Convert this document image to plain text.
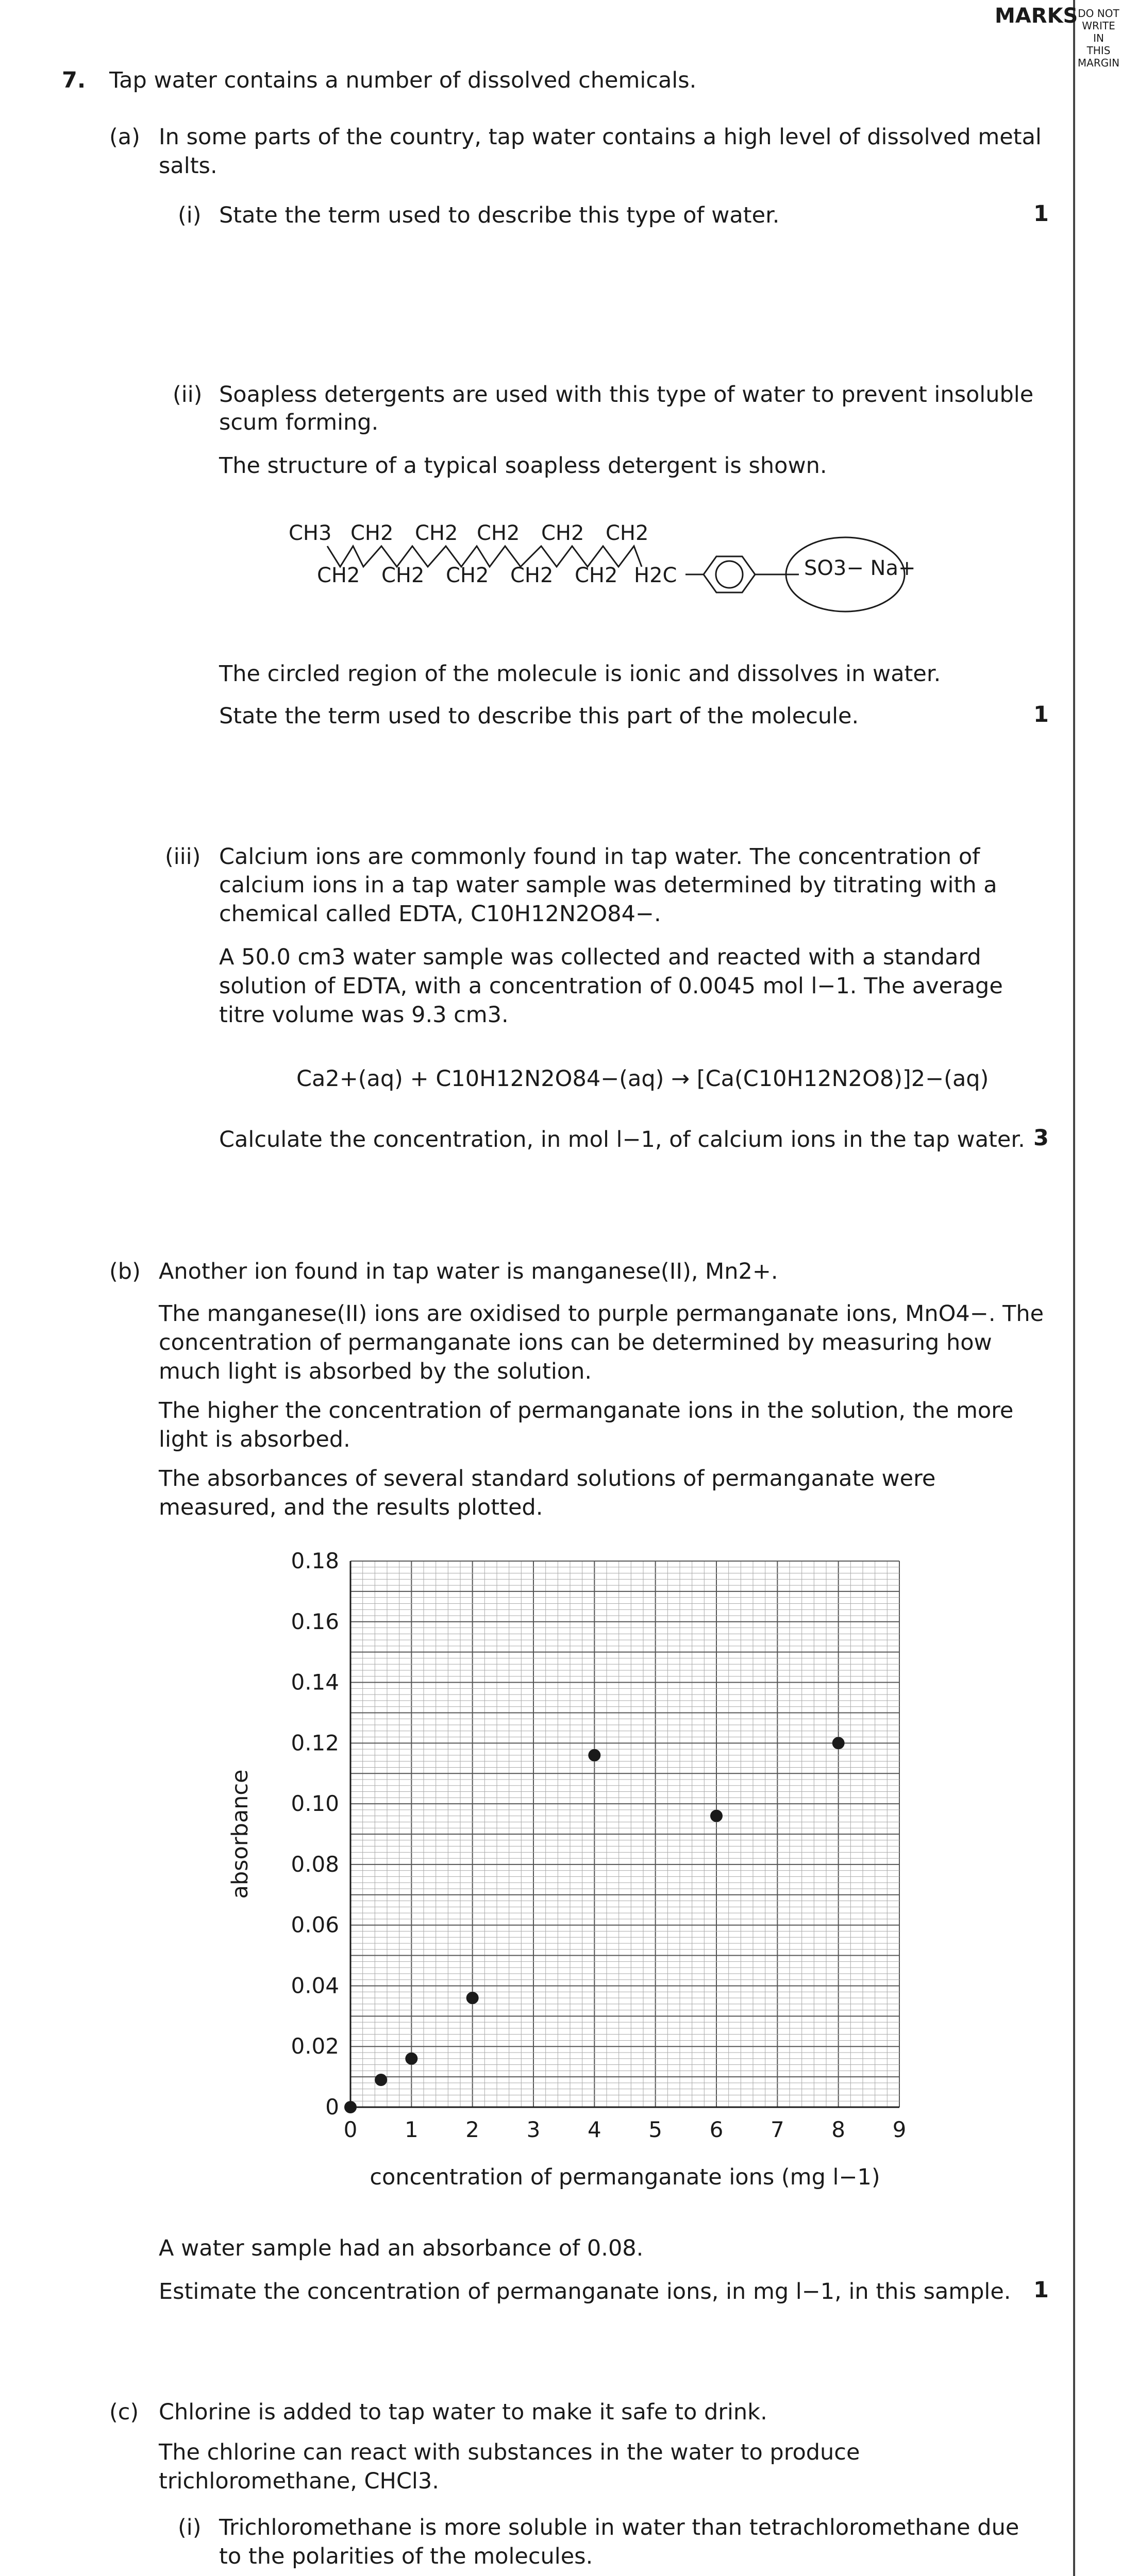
MARKS DO NOT
WRITE IN
THIS
MARGIN
7. Tap water contains a number of dissolved chemicals.
(a) In some parts of the country, tap water contains a high level of dissolved metal
salts.
(i) State the term used to describe this type of water.	1
(ii) Soapless detergents are used with this type of water to prevent insoluble
scum forming.
The structure of a typical soapless detergent is shown.
CH3 CH2 CH2 CH2 CH2 CH2
CH2 CH2 CH2 CH2 CH2 H2C	SO3− Na+
The circled region of the molecule is ionic and dissolves in water.
State the term used to describe this part of the molecule.	1
(iii) Calcium ions are commonly found in tap water. The concentration of
calcium ions in a tap water sample was determined by titrating with a
chemical called EDTA, C10H12N2O84−.
A 50.0 cm3 water sample was collected and reacted with a standard
solution of EDTA, with a concentration of 0.0045 mol l−1. The average
titre volume was 9.3 cm3.
Ca2+(aq) + C10H12N2O84−(aq) → [Ca(C10H12N2O8)]2−(aq)
Calculate the concentration, in mol l−1, of calcium ions in the tap water. 3
(b) Another ion found in tap water is manganese(II), Mn2+.
The manganese(II) ions are oxidised to purple permanganate ions, MnO4−. The
concentration of permanganate ions can be determined by measuring how
much light is absorbed by the solution.
The higher the concentration of permanganate ions in the solution, the more
light is absorbed.
The absorbances of several standard solutions of permanganate were
measured, and the results plotted.
0 1 2 3 4 5 6 7 8 9
0
0.02
0.04
0.06
0.08
0.10
0.12
0.14
0.16
0.18
concentration of permanganate ions (mg l−1)
absorbance
A water sample had an absorbance of 0.08.
Estimate the concentration of permanganate ions, in mg l−1, in this sample.	1
(c) Chlorine is added to tap water to make it safe to drink.
The chlorine can react with substances in the water to produce
trichloromethane, CHCl3.
(i) Trichloromethane is more soluble in water than tetrachloromethane due
to the polarities of the molecules.
